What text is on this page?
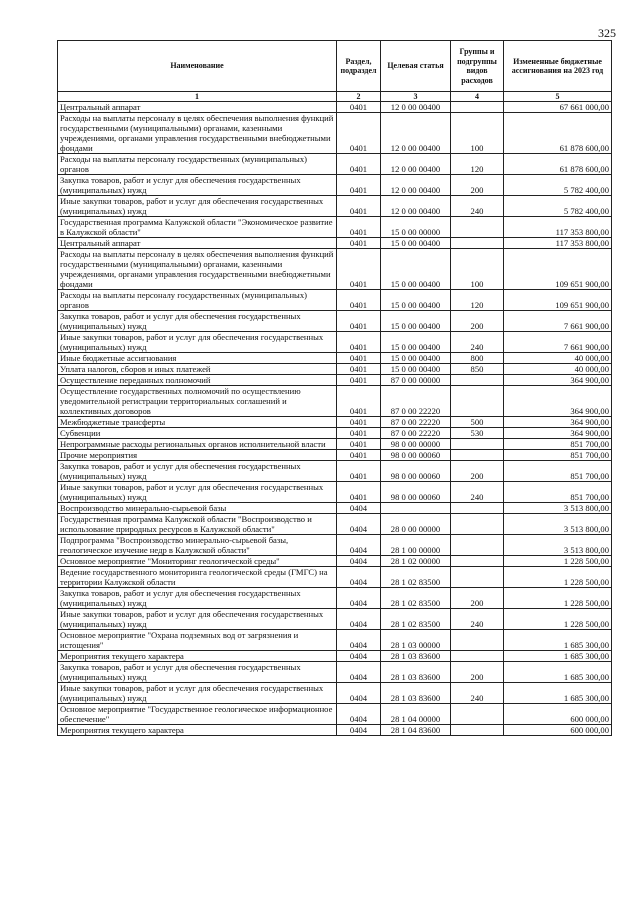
325
Наименование	Раздел, подраздел	Целевая статья	Группы и подгруппы видов расходов	Измененные бюджетные ассигнования на 2023 год
1	2	3	4	5
Центральный аппарат	0401	12 0 00 00400		67 661 000,00
Расходы на выплаты персоналу в целях обеспечения выполнения функций государственными (муниципальными) органами, казенными учреждениями, органами управления государственными внебюджетными фондами	0401	12 0 00 00400	100	61 878 600,00
Расходы на выплаты персоналу государственных (муниципальных) органов	0401	12 0 00 00400	120	61 878 600,00
Закупка товаров, работ и услуг для обеспечения государственных (муниципальных) нужд	0401	12 0 00 00400	200	5 782 400,00
Иные закупки товаров, работ и услуг для обеспечения государственных (муниципальных) нужд	0401	12 0 00 00400	240	5 782 400,00
Государственная программа Калужской области "Экономическое развитие в Калужской области"	0401	15 0 00 00000		117 353 800,00
Центральный аппарат	0401	15 0 00 00400		117 353 800,00
Расходы на выплаты персоналу в целях обеспечения выполнения функций государственными (муниципальными) органами, казенными учреждениями, органами управления государственными внебюджетными фондами	0401	15 0 00 00400	100	109 651 900,00
Расходы на выплаты персоналу государственных (муниципальных) органов	0401	15 0 00 00400	120	109 651 900,00
Закупка товаров, работ и услуг для обеспечения государственных (муниципальных) нужд	0401	15 0 00 00400	200	7 661 900,00
Иные закупки товаров, работ и услуг для обеспечения государственных (муниципальных) нужд	0401	15 0 00 00400	240	7 661 900,00
Иные бюджетные ассигнования	0401	15 0 00 00400	800	40 000,00
Уплата налогов, сборов и иных платежей	0401	15 0 00 00400	850	40 000,00
Осуществление переданных полномочий	0401	87 0 00 00000		364 900,00
Осуществление государственных полномочий по осуществлению уведомительной регистрации территориальных соглашений и коллективных договоров	0401	87 0 00 22220		364 900,00
Межбюджетные трансферты	0401	87 0 00 22220	500	364 900,00
Субвенции	0401	87 0 00 22220	530	364 900,00
Непрограммные расходы региональных органов исполнительной власти	0401	98 0 00 00000		851 700,00
Прочие мероприятия	0401	98 0 00 00060		851 700,00
Закупка товаров, работ и услуг для обеспечения государственных (муниципальных) нужд	0401	98 0 00 00060	200	851 700,00
Иные закупки товаров, работ и услуг для обеспечения государственных (муниципальных) нужд	0401	98 0 00 00060	240	851 700,00
Воспроизводство минерально-сырьевой базы	0404			3 513 800,00
Государственная программа Калужской области "Воспроизводство и использование природных ресурсов в Калужской области"	0404	28 0 00 00000		3 513 800,00
Подпрограмма "Воспроизводство минерально-сырьевой базы, геологическое изучение недр в Калужской области"	0404	28 1 00 00000		3 513 800,00
Основное мероприятие "Мониторинг геологической среды"	0404	28 1 02 00000		1 228 500,00
Ведение государственного мониторинга геологической среды (ГМГС) на территории Калужской области	0404	28 1 02 83500		1 228 500,00
Закупка товаров, работ и услуг для обеспечения государственных (муниципальных) нужд	0404	28 1 02 83500	200	1 228 500,00
Иные закупки товаров, работ и услуг для обеспечения государственных (муниципальных) нужд	0404	28 1 02 83500	240	1 228 500,00
Основное мероприятие "Охрана подземных вод от загрязнения и истощения"	0404	28 1 03 00000		1 685 300,00
Мероприятия текущего характера	0404	28 1 03 83600		1 685 300,00
Закупка товаров, работ и услуг для обеспечения государственных (муниципальных) нужд	0404	28 1 03 83600	200	1 685 300,00
Иные закупки товаров, работ и услуг для обеспечения государственных (муниципальных) нужд	0404	28 1 03 83600	240	1 685 300,00
Основное мероприятие "Государственное геологическое информационное обеспечение"	0404	28 1 04 00000		600 000,00
Мероприятия текущего характера	0404	28 1 04 83600		600 000,00
